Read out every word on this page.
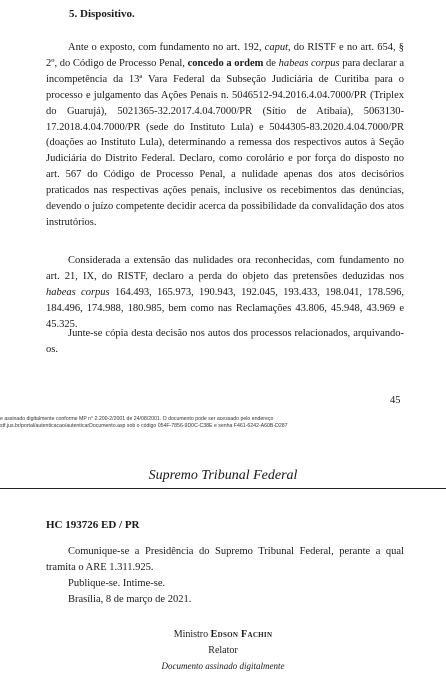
5. Dispositivo.

Ante o exposto, com fundamento no art. 192, caput, do RISTF e no art. 654, § 2º, do Código de Processo Penal, concedo a ordem de habeas corpus para declarar a incompetência da 13ª Vara Federal da Subseção Judiciária de Curitiba para o processo e julgamento das Ações Penais n. 5046512-94.2016.4.04.7000/PR (Triplex do Guarujá), 5021365-32.2017.4.04.7000/PR (Sítio de Atibaia), 5063130-17.2018.4.04.7000/PR (sede do Instituto Lula) e 5044305-83.2020.4.04.7000/PR (doações ao Instituto Lula), determinando a remessa dos respectivos autos à Seção Judiciária do Distrito Federal. Declaro, como corolário e por força do disposto no art. 567 do Código de Processo Penal, a nulidade apenas dos atos decisórios praticados nas respectivas ações penais, inclusive os recebimentos das denúncias, devendo o juízo competente decidir acerca da possibilidade da convalidação dos atos instrutórios.

Considerada a extensão das nulidades ora reconhecidas, com fundamento no art. 21, IX, do RISTF, declaro a perda do objeto das pretensões deduzidas nos habeas corpus 164.493, 165.973, 190.943, 192.045, 193.433, 198.041, 178.596, 184.496, 174.988, 180.985, bem como nas Reclamações 43.806, 45.948, 43.969 e 45.325.

Junte-se cópia desta decisão nos autos dos processos relacionados, arquivando-os.

45
e assinado digitalmente conforme MP n° 2.200-2/2001 de 24/08/2001. O documento pode ser acessado pelo endereço
stf.jus.br/portal/autenticacao/autenticarDocumento.asp sob o código 054F-7856-9D0C-C38E e senha F461-6242-A60B-D287
Supremo Tribunal Federal
HC 193726 ED / PR

Comunique-se a Presidência do Supremo Tribunal Federal, perante a qual tramita o ARE 1.311.925.

Publique-se. Intime-se.

Brasília, 8 de março de 2021.

Ministro Edson Fachin
Relator
Documento assinado digitalmente
